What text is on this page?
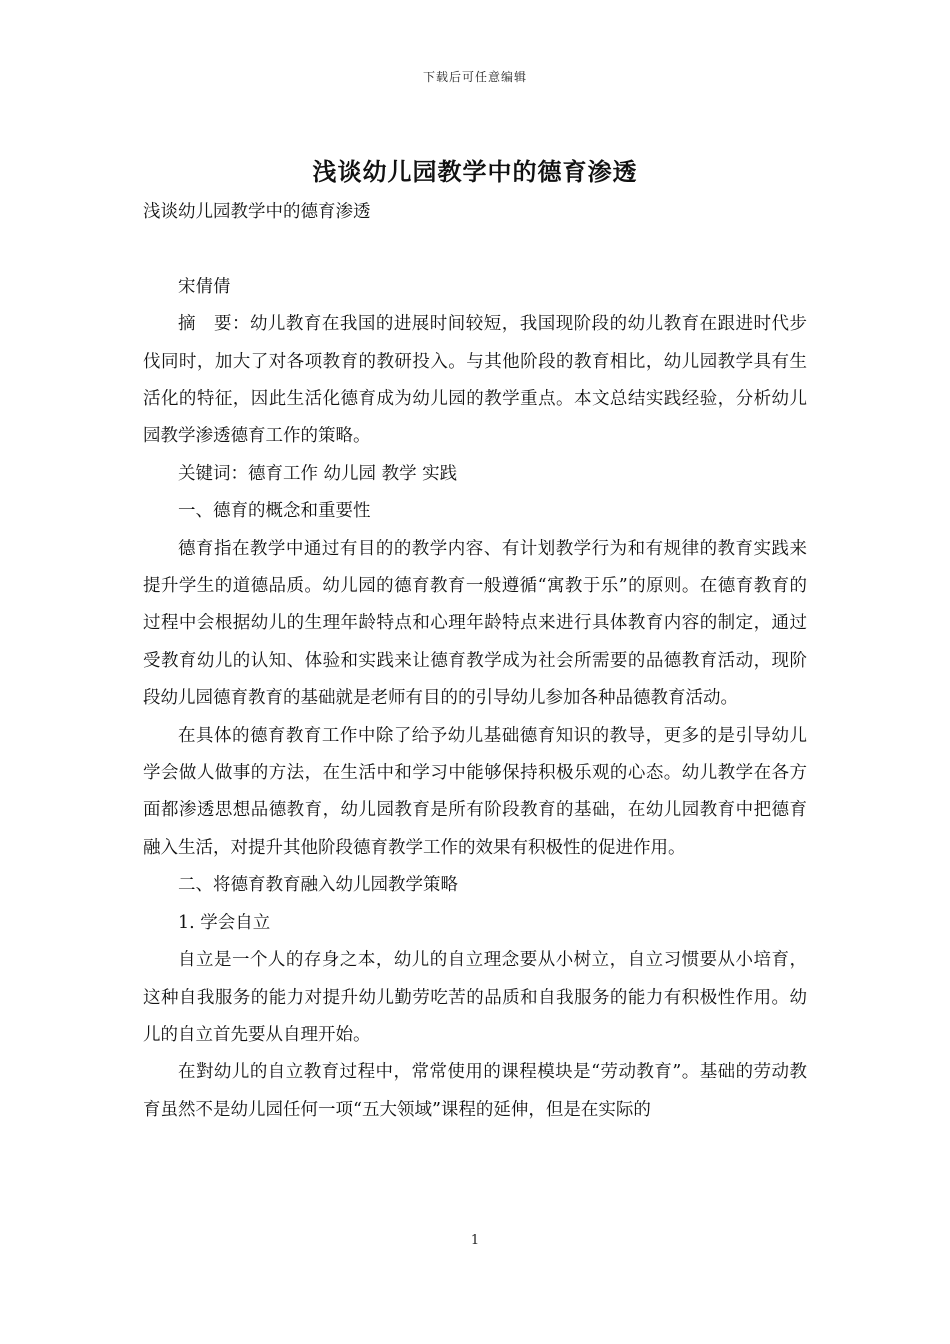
下载后可任意编辑
浅谈幼儿园教学中的德育渗透

浅谈幼儿园教学中的德育渗透

宋倩倩

摘　要：幼儿教育在我国的进展时间较短，我国现阶段的幼儿教育在跟进时代步伐同时，加大了对各项教育的教研投入。与其他阶段的教育相比，幼儿园教学具有生活化的特征，因此生活化德育成为幼儿园的教学重点。本文总结实践经验，分析幼儿园教学渗透德育工作的策略。

关键词：德育工作 幼儿园 教学 实践

一、德育的概念和重要性

德育指在教学中通过有目的的教学内容、有计划教学行为和有规律的教育实践来提升学生的道德品质。幼儿园的德育教育一般遵循“寓教于乐”的原则。在德育教育的过程中会根据幼儿的生理年龄特点和心理年龄特点来进行具体教育内容的制定，通过受教育幼儿的认知、体验和实践来让德育教学成为社会所需要的品德教育活动，现阶段幼儿园德育教育的基础就是老师有目的的引导幼儿参加各种品德教育活动。

在具体的德育教育工作中除了给予幼儿基础德育知识的教导，更多的是引导幼儿学会做人做事的方法，在生活中和学习中能够保持积极乐观的心态。幼儿教学在各方面都渗透思想品德教育，幼儿园教育是所有阶段教育的基础，在幼儿园教育中把德育融入生活，对提升其他阶段德育教学工作的效果有积极性的促进作用。

二、将德育教育融入幼儿园教学策略

1. 学会自立

自立是一个人的存身之本，幼儿的自立理念要从小树立，自立习惯要从小培育，这种自我服务的能力对提升幼儿勤劳吃苦的品质和自我服务的能力有积极性作用。幼儿的自立首先要从自理开始。

在對幼儿的自立教育过程中，常常使用的课程模块是“劳动教育”。基础的劳动教育虽然不是幼儿园任何一项“五大领域”课程的延伸，但是在实际的

1
